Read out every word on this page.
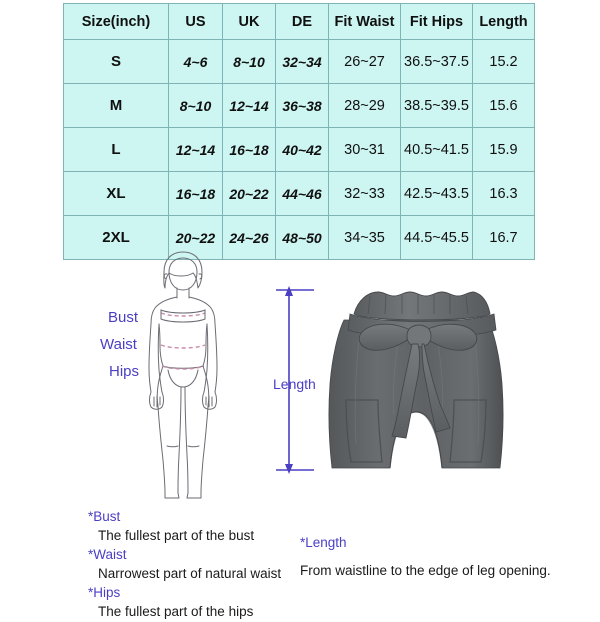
Size(inch)	US	UK	DE	Fit Waist	Fit Hips	Length
S	4~6	8~10	32~34	26~27	36.5~37.5	15.2
M	8~10	12~14	36~38	28~29	38.5~39.5	15.6
L	12~14	16~18	40~42	30~31	40.5~41.5	15.9
XL	16~18	20~22	44~46	32~33	42.5~43.5	16.3
2XL	20~22	24~26	48~50	34~35	44.5~45.5	16.7
Bust
Waist
Hips
Length

*Bust

The fullest part of the bust

*Waist

Narrowest part of natural waist

*Hips

The fullest part of the hips

*Length

From waistline to the edge of leg opening.
